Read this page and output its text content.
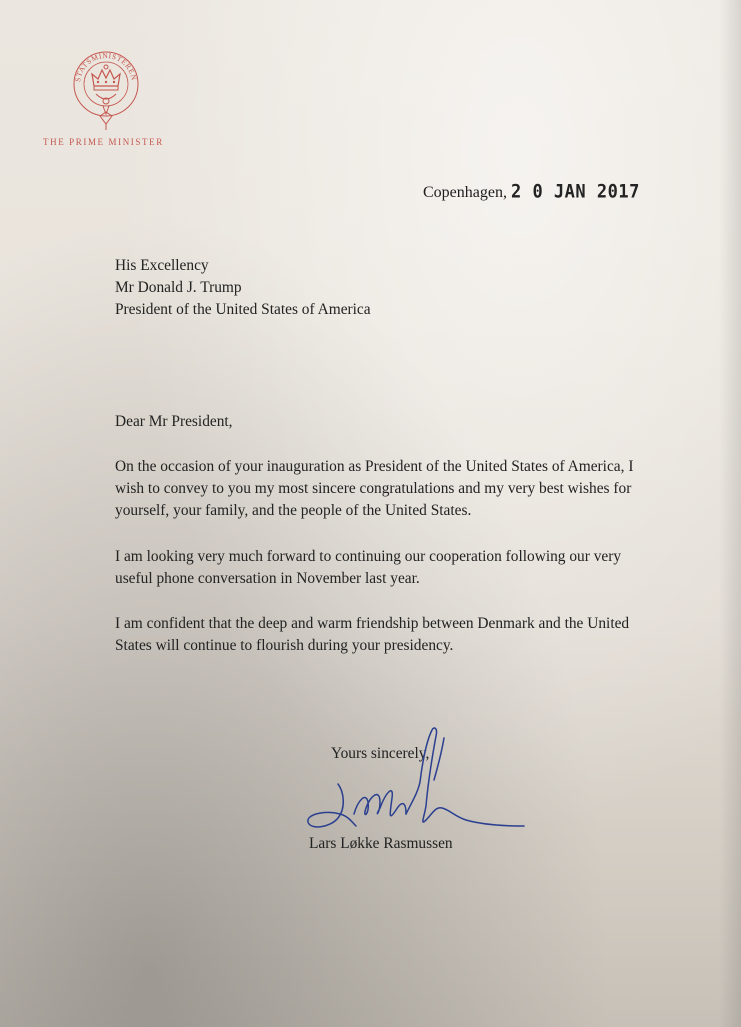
STATSMINISTEREN
THE PRIME MINISTER
Copenhagen, 2 0 JAN 2017
His Excellency
Mr Donald J. Trump
President of the United States of America
Dear Mr President,
On the occasion of your inauguration as President of the United States of America, I
wish to convey to you my most sincere congratulations and my very best wishes for
yourself, your family, and the people of the United States.
I am looking very much forward to continuing our cooperation following our very
useful phone conversation in November last year.
I am confident that the deep and warm friendship between Denmark and the United
States will continue to flourish during your presidency.
Yours sincerely,
Lars Løkke Rasmussen
